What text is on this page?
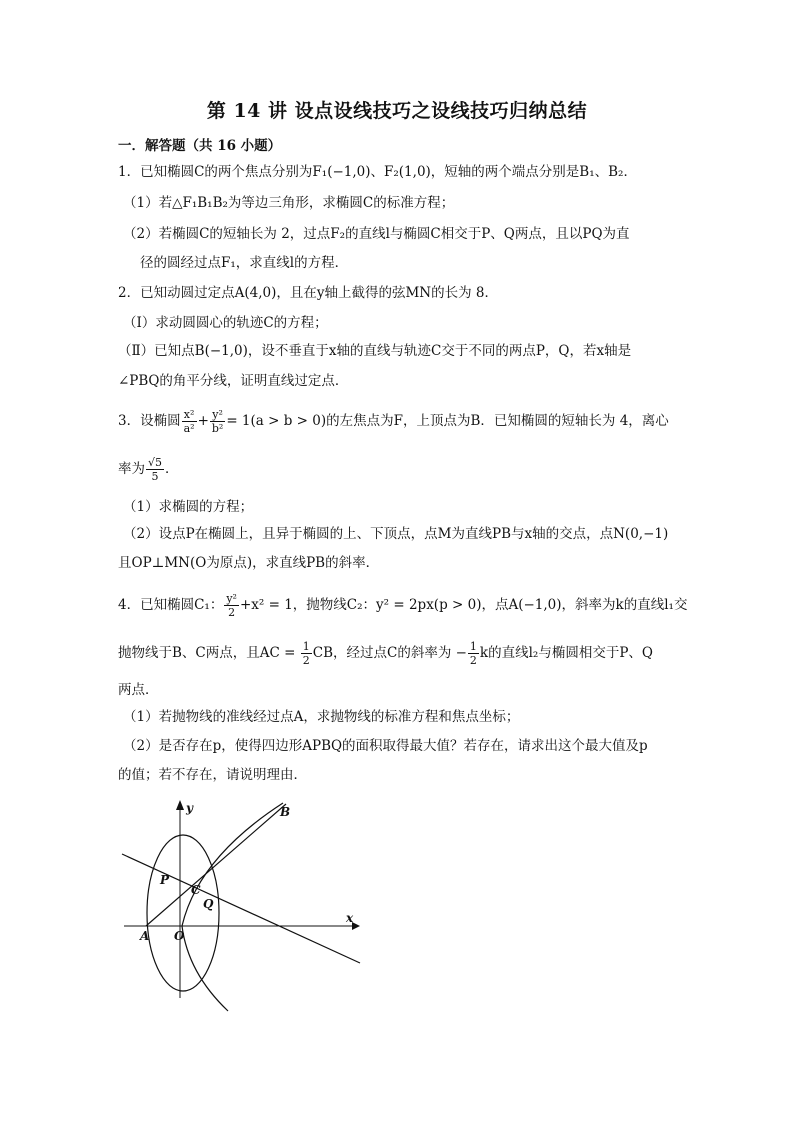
第 14 讲 设点设线技巧之设线技巧归纳总结
一．解答题（共 16 小题）
1．已知椭圆C的两个焦点分别为F₁(−1,0)、F₂(1,0)，短轴的两个端点分别是B₁、B₂．
（1）若△F₁B₁B₂为等边三角形，求椭圆C的标准方程；
（2）若椭圆C的短轴长为 2，过点F₂的直线l与椭圆C相交于P、Q两点，且以PQ为直
径的圆经过点F₁，求直线l的方程．
2．已知动圆过定点A(4,0)，且在y轴上截得的弦MN的长为 8．
（Ⅰ）求动圆圆心的轨迹C的方程；
（Ⅱ）已知点B(−1,0)，设不垂直于x轴的直线与轨迹C交于不同的两点P，Q，若x轴是
∠PBQ的角平分线，证明直线过定点．
3．设椭圆 $\frac{\text{x²}}{\text{a²}} + \frac{\text{y²}}{\text{b²}} = 1(a > b > 0)$的左焦点为F，上顶点为B．已知椭圆的短轴长为 4，离心
率为 $\frac{√5}{5}$ ．
（1）求椭圆的方程；
（2）设点P在椭圆上，且异于椭圆的上、下顶点，点M为直线PB与x轴的交点，点N(0,−1)
且OP⊥MN(O为原点)，求直线PB的斜率．
4．已知椭圆C₁： $\frac{\text{y²}}{2} +x^2 = 1$，抛物线C₂：y² = 2px(p > 0)，点A(−1,0)，斜率为k的直线l₁交
抛物线于B、C两点，且AC = $\frac{1}{2}$ CB，经过点C的斜率为 − $\frac{1}{2}$ k的直线l₂与椭圆相交于P、Q
两点．
（1）若抛物线的准线经过点A，求抛物线的标准方程和焦点坐标；
（2）是否存在p，使得四边形APBQ的面积取得最大值？若存在，请求出这个最大值及p
的值；若不存在，请说明理由．
y
x
B
P
C
Q
A O
